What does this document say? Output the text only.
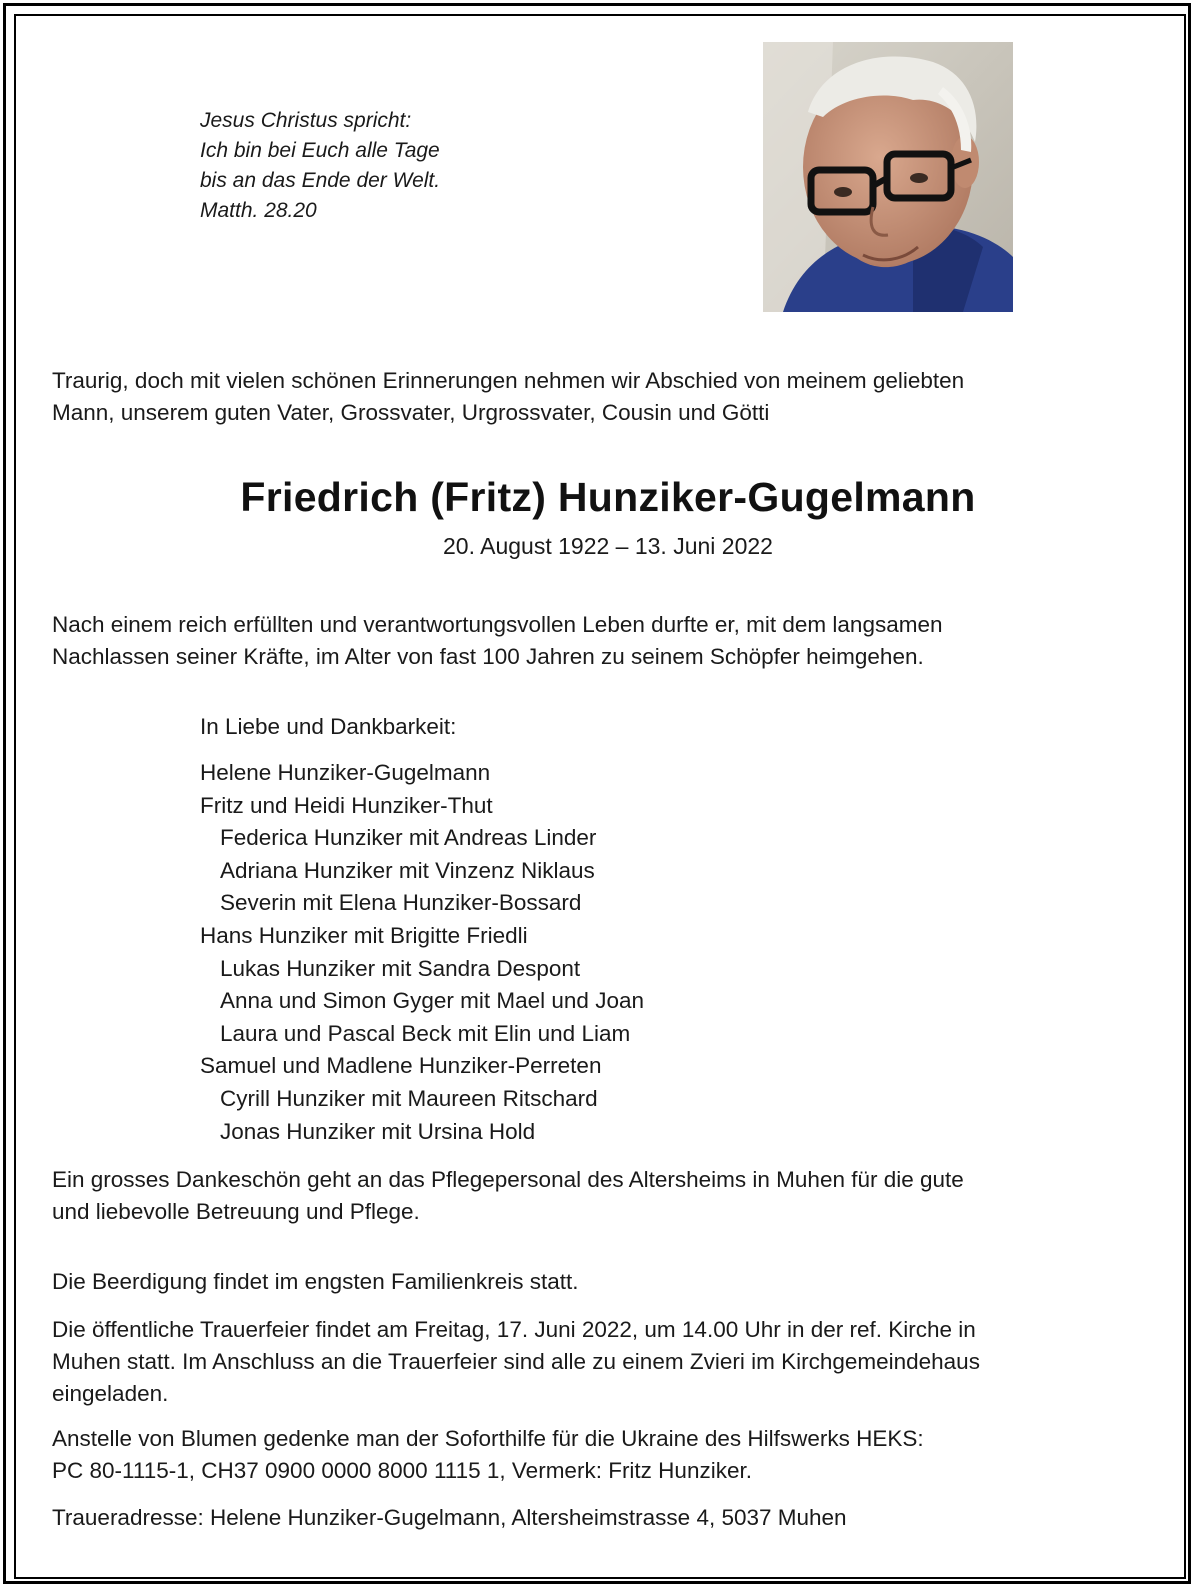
Jesus Christus spricht:
Ich bin bei Euch alle Tage
bis an das Ende der Welt.
Matth. 28.20
Traurig, doch mit vielen schönen Erinnerungen nehmen wir Abschied von meinem geliebten
Mann, unserem guten Vater, Grossvater, Urgrossvater, Cousin und Götti
Friedrich (Fritz) Hunziker-Gugelmann
20. August 1922 – 13. Juni 2022
Nach einem reich erfüllten und verantwortungsvollen Leben durfte er, mit dem langsamen
Nachlassen seiner Kräfte, im Alter von fast 100 Jahren zu seinem Schöpfer heimgehen.
In Liebe und Dankbarkeit:
Helene Hunziker-Gugelmann
Fritz und Heidi Hunziker-Thut
Federica Hunziker mit Andreas Linder
Adriana Hunziker mit Vinzenz Niklaus
Severin mit Elena Hunziker-Bossard
Hans Hunziker mit Brigitte Friedli
Lukas Hunziker mit Sandra Despont
Anna und Simon Gyger mit Mael und Joan
Laura und Pascal Beck mit Elin und Liam
Samuel und Madlene Hunziker-Perreten
Cyrill Hunziker mit Maureen Ritschard
Jonas Hunziker mit Ursina Hold
Ein grosses Dankeschön geht an das Pflegepersonal des Altersheims in Muhen für die gute
und liebevolle Betreuung und Pflege.
Die Beerdigung findet im engsten Familienkreis statt.
Die öffentliche Trauerfeier findet am Freitag, 17. Juni 2022, um 14.00 Uhr in der ref. Kirche in
Muhen statt. Im Anschluss an die Trauerfeier sind alle zu einem Zvieri im Kirchgemeindehaus
eingeladen.
Anstelle von Blumen gedenke man der Soforthilfe für die Ukraine des Hilfswerks HEKS:
PC 80-1115-1, CH37 0900 0000 8000 1115 1, Vermerk: Fritz Hunziker.
Traueradresse: Helene Hunziker-Gugelmann, Altersheimstrasse 4, 5037 Muhen
